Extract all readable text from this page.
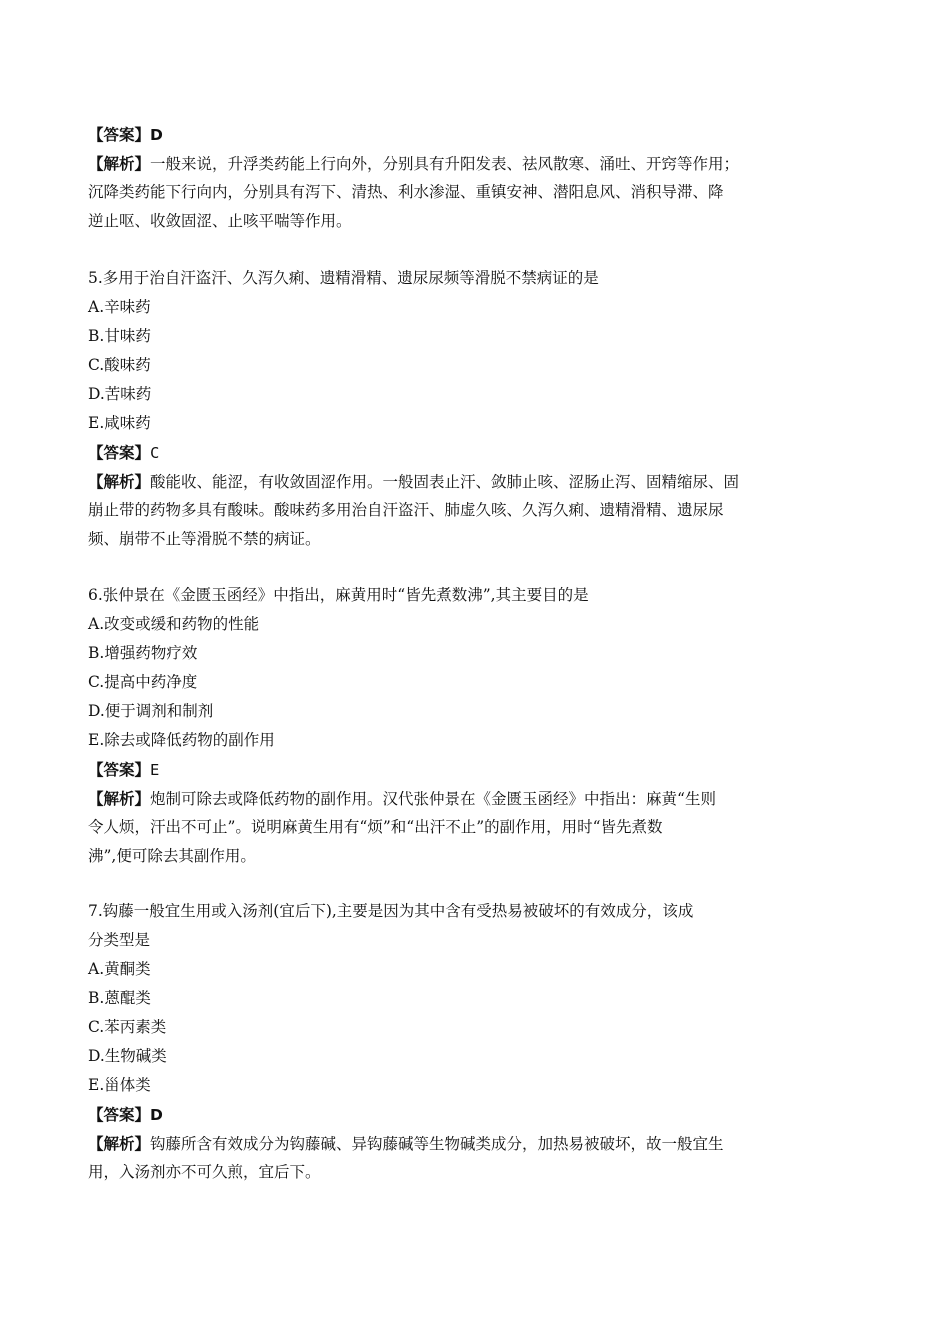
【答案】D
【解析】一般来说，升浮类药能上行向外，分别具有升阳发表、祛风散寒、涌吐、开窍等作用；
沉降类药能下行向内，分别具有泻下、清热、利水渗湿、重镇安神、潜阳息风、消积导滞、降
逆止呕、收敛固涩、止咳平喘等作用。
5.多用于治自汗盗汗、久泻久痢、遗精滑精、遗尿尿频等滑脱不禁病证的是
A.辛味药
B.甘味药
C.酸味药
D.苦味药
E.咸味药
【答案】C
【解析】酸能收、能涩，有收敛固涩作用。一般固表止汗、敛肺止咳、涩肠止泻、固精缩尿、固
崩止带的药物多具有酸味。酸味药多用治自汗盗汗、肺虚久咳、久泻久痢、遗精滑精、遗尿尿
频、崩带不止等滑脱不禁的病证。
6.张仲景在《金匮玉函经》中指出，麻黄用时“皆先煮数沸”,其主要目的是
A.改变或缓和药物的性能
B.增强药物疗效
C.提高中药净度
D.便于调剂和制剂
E.除去或降低药物的副作用
【答案】E
【解析】炮制可除去或降低药物的副作用。汉代张仲景在《金匮玉函经》中指出：麻黄“生则
令人烦，汗出不可止”。说明麻黄生用有“烦”和“出汗不止”的副作用，用时“皆先煮数
沸”,便可除去其副作用。
7.钩藤一般宜生用或入汤剂(宜后下),主要是因为其中含有受热易被破坏的有效成分，该成
分类型是
A.黄酮类
B.蒽醌类
C.苯丙素类
D.生物碱类
E.甾体类
【答案】D
【解析】钩藤所含有效成分为钩藤碱、异钩藤碱等生物碱类成分，加热易被破坏，故一般宜生
用，入汤剂亦不可久煎，宜后下。
